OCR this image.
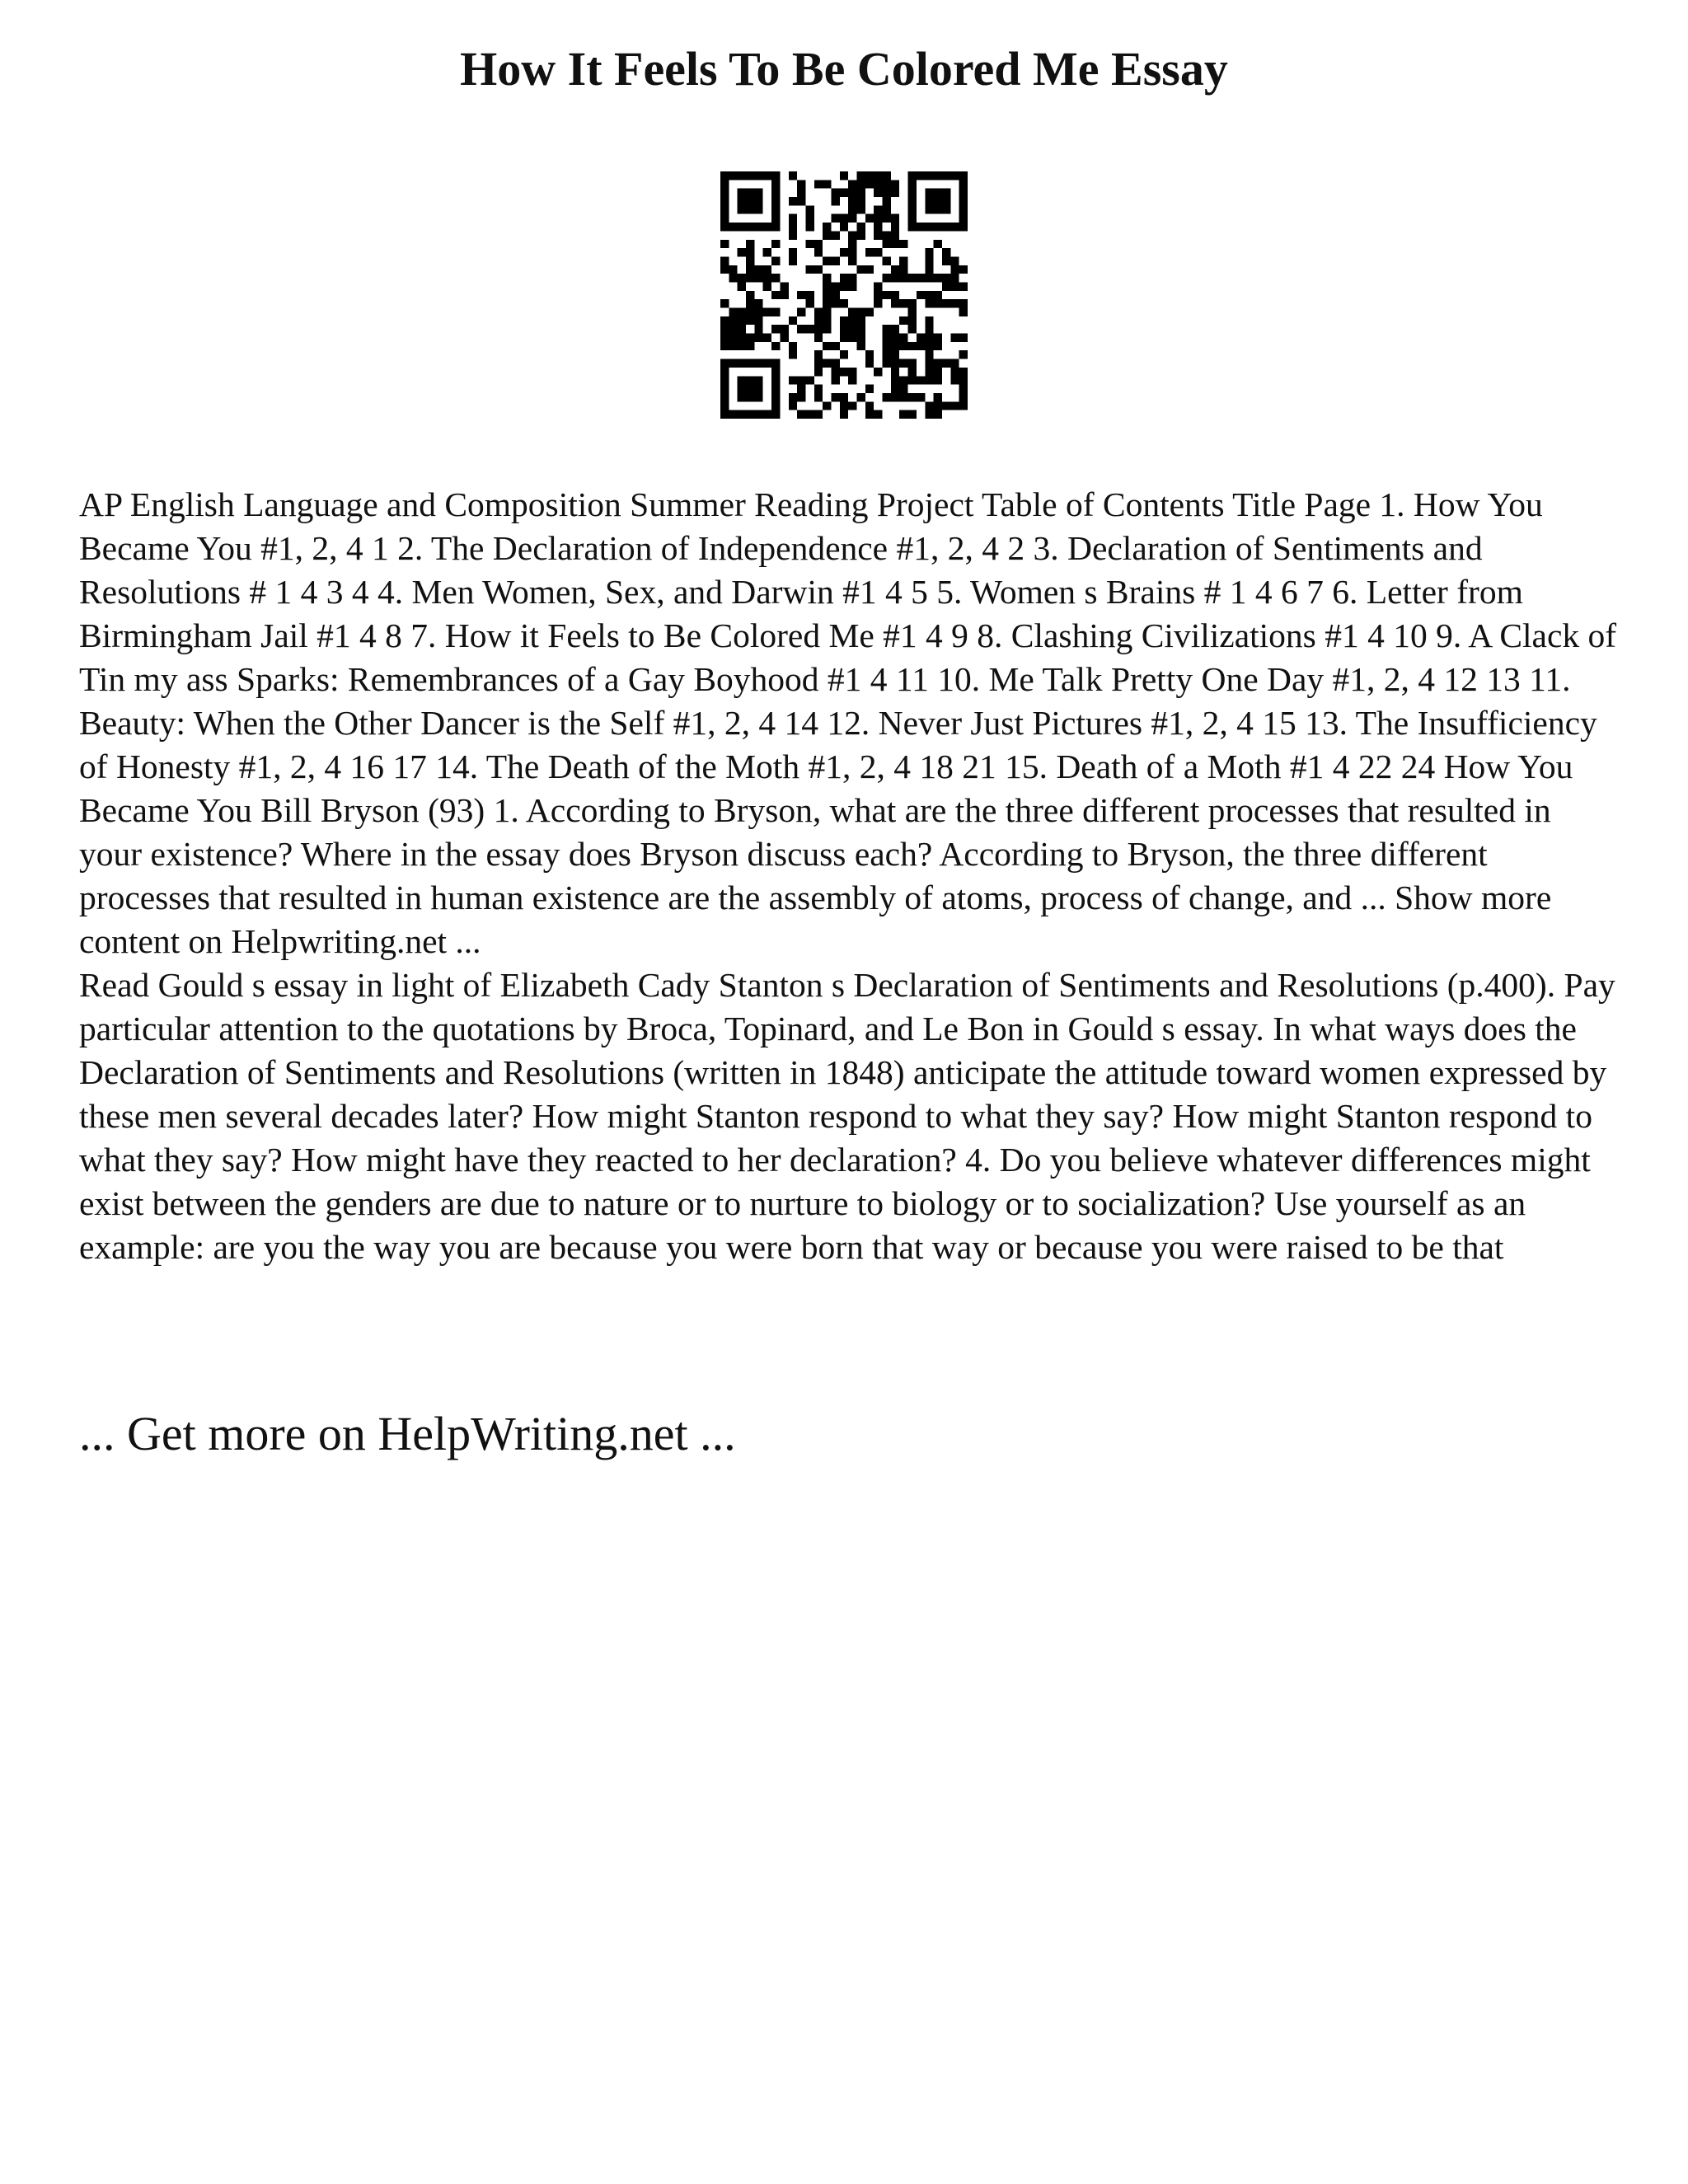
How It Feels To Be Colored Me Essay

AP English Language and Composition Summer Reading Project Table of Contents Title Page 1. How You Became You #1, 2, 4 1 2. The Declaration of Independence #1, 2, 4 2 3. Declaration of Sentiments and Resolutions # 1 4 3 4 4. Men Women, Sex, and Darwin #1 4 5 5. Women s Brains # 1 4 6 7 6. Letter from Birmingham Jail #1 4 8 7. How it Feels to Be Colored Me #1 4 9 8. Clashing Civilizations #1 4 10 9. A Clack of Tin my ass Sparks: Remembrances of a Gay Boyhood #1 4 11 10. Me Talk Pretty One Day #1, 2, 4 12 13 11. Beauty: When the Other Dancer is the Self #1, 2, 4 14 12. Never Just Pictures #1, 2, 4 15 13. The Insufficiency of Honesty #1, 2, 4 16 17 14. The Death of the Moth #1, 2, 4 18 21 15. Death of a Moth #1 4 22 24 How You Became You Bill Bryson (93) 1. According to Bryson, what are the three different processes that resulted in your existence? Where in the essay does Bryson discuss each? According to Bryson, the three different processes that resulted in human existence are the assembly of atoms, process of change, and ... Show more content on Helpwriting.net ...

Read Gould s essay in light of Elizabeth Cady Stanton s Declaration of Sentiments and Resolutions (p.400). Pay particular attention to the quotations by Broca, Topinard, and Le Bon in Gould s essay. In what ways does the Declaration of Sentiments and Resolutions (written in 1848) anticipate the attitude toward women expressed by these men several decades later? How might Stanton respond to what they say? How might Stanton respond to what they say? How might have they reacted to her declaration? 4. Do you believe whatever differences might exist between the genders are due to nature or to nurture to biology or to socialization? Use yourself as an example: are you the way you are because you were born that way or because you were raised to be that

... Get more on HelpWriting.net ...
